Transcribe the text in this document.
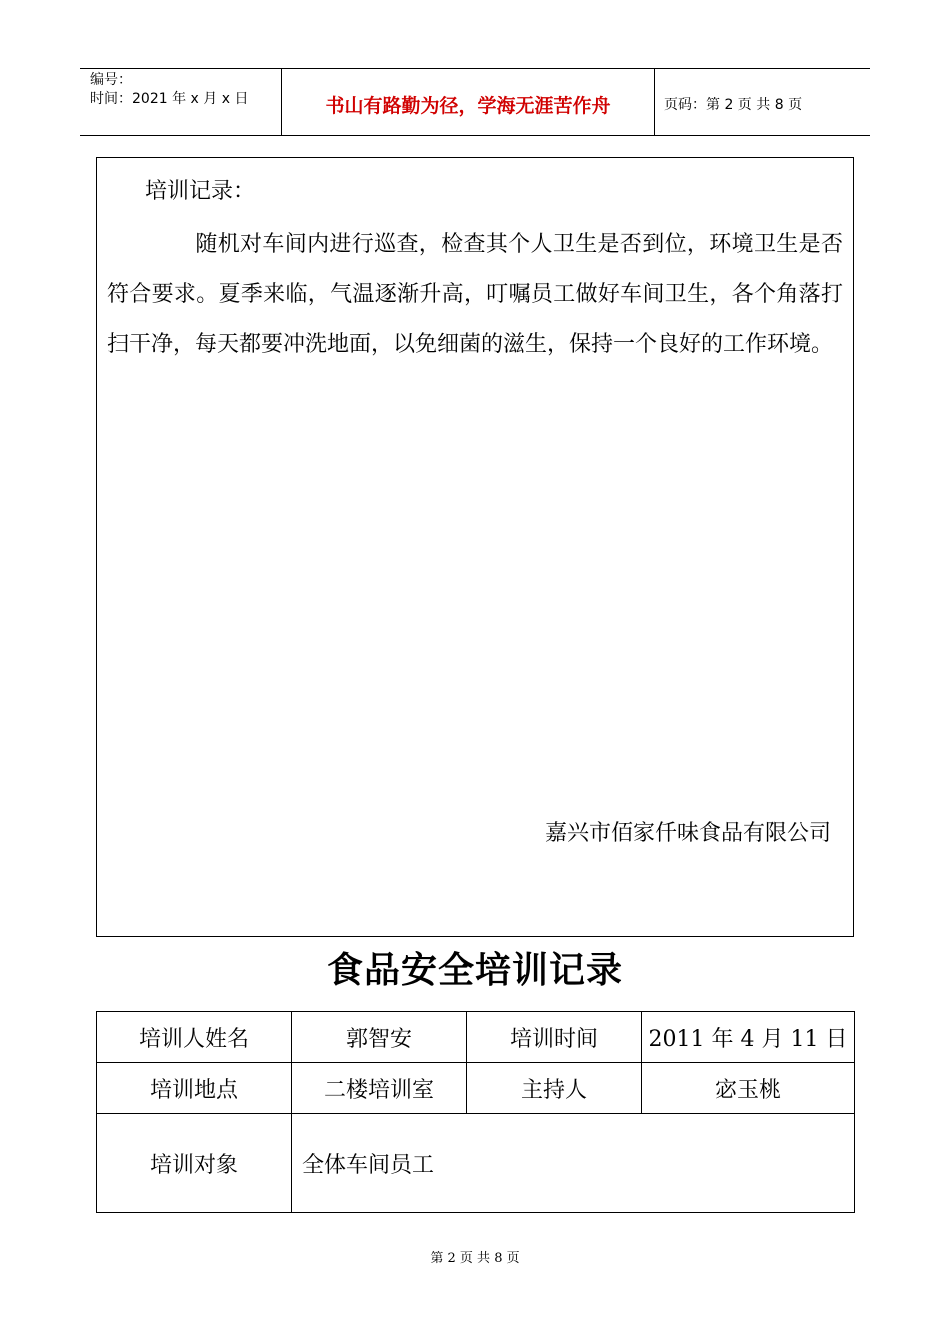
编号：
时间：2021 年 x 月 x 日	书山有路勤为径，学海无涯苦作舟	页码：第 2 页 共 8 页
培训记录：
随机对车间内进行巡查，检查其个人卫生是否到位，环境卫生是否符合要求。夏季来临，气温逐渐升高，叮嘱员工做好车间卫生，各个角落打扫干净，每天都要冲洗地面，以免细菌的滋生，保持一个良好的工作环境。
嘉兴市佰家仟味食品有限公司
食品安全培训记录
培训人姓名	郭智安	培训时间	2011 年 4 月 11 日
培训地点	二楼培训室	主持人	宓玉桃
培训对象	全体车间员工		
第 2 页 共 8 页
